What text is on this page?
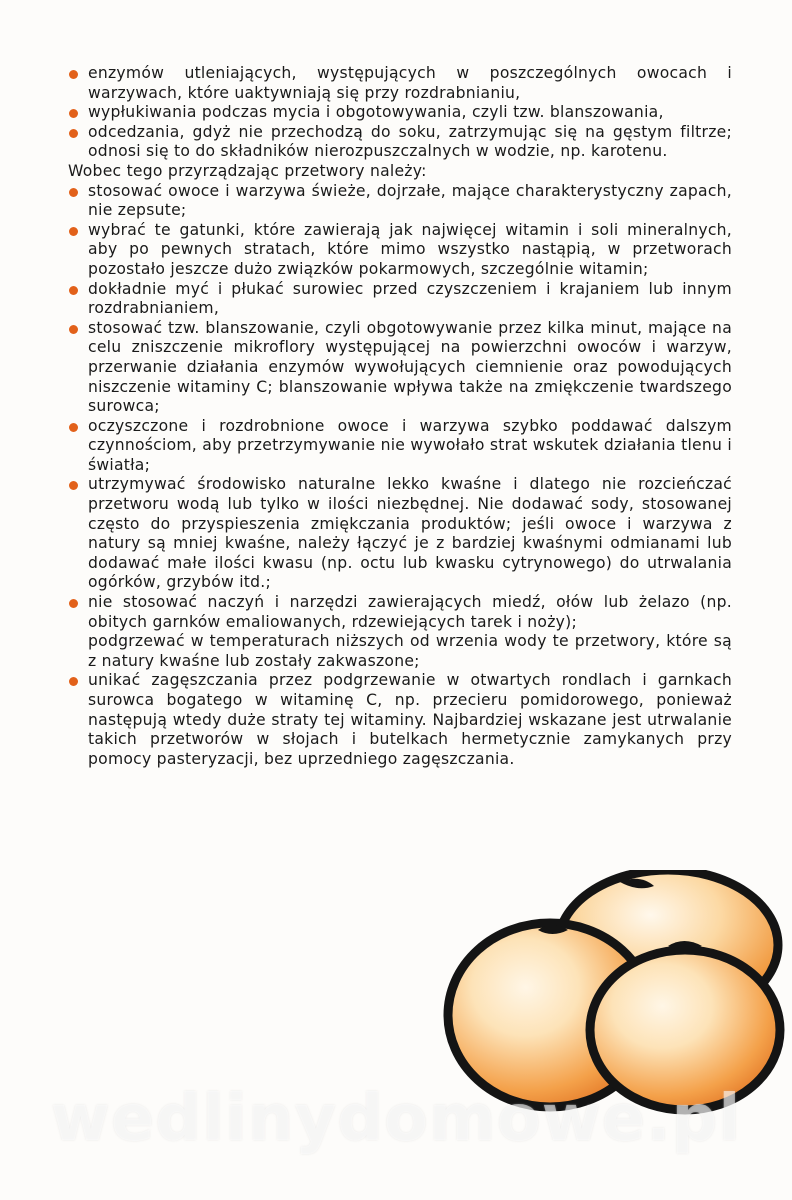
enzymów utleniających, występujących w poszczególnych owocach i warzywach, które uaktywniają się przy rozdrabnianiu,
wypłukiwania podczas mycia i obgotowywania, czyli tzw. blanszowania,
odcedzania, gdyż nie przechodzą do soku, zatrzymując się na gęstym filtrze; odnosi się to do składników nierozpuszczalnych w wodzie, np. karotenu.
Wobec tego przyrządzając przetwory należy:
stosować owoce i warzywa świeże, dojrzałe, mające charakterystyczny zapach, nie zepsute;
wybrać te gatunki, które zawierają jak najwięcej witamin i soli mineralnych, aby po pewnych stratach, które mimo wszystko nastąpią, w przetworach pozostało jeszcze dużo związków pokarmowych, szczególnie witamin;
dokładnie myć i płukać surowiec przed czyszczeniem i krajaniem lub innym rozdrabnianiem,
stosować tzw. blanszowanie, czyli obgotowywanie przez kilka minut, mające na celu zniszczenie mikroflory występującej na powierzchni owoców i warzyw, przerwanie działania enzymów wywołujących ciemnienie oraz powodujących niszczenie witaminy C; blanszowanie wpływa także na zmiękczenie twardszego surowca;
oczyszczone i rozdrobnione owoce i warzywa szybko poddawać dalszym czynnościom, aby przetrzymywanie nie wywołało strat wskutek działania tlenu i światła;
utrzymywać środowisko naturalne lekko kwaśne i dlatego nie rozcieńczać przetworu wodą lub tylko w ilości niezbędnej. Nie dodawać sody, stosowanej często do przyspieszenia zmiękczania produktów; jeśli owoce i warzywa z natury są mniej kwaśne, należy łączyć je z bardziej kwaśnymi odmianami lub dodawać małe ilości kwasu (np. octu lub kwasku cytrynowego) do utrwalania ogórków, grzybów itd.;
nie stosować naczyń i narzędzi zawierających miedź, ołów lub żelazo (np. obitych garnków emaliowanych, rdzewiejących tarek i noży);
podgrzewać w temperaturach niższych od wrzenia wody te przetwory, które są z natury kwaśne lub zostały zakwaszone;
unikać zagęszczania przez podgrzewanie w otwartych rondlach i garnkach surowca bogatego w witaminę C, np. przecieru pomidorowego, ponieważ następują wtedy duże straty tej witaminy. Najbardziej wskazane jest utrwalanie takich przetworów w słojach i butelkach hermetycznie zamykanych przy pomocy pasteryzacji, bez uprzedniego zagęszczania.
wedlinydomowe.pl
